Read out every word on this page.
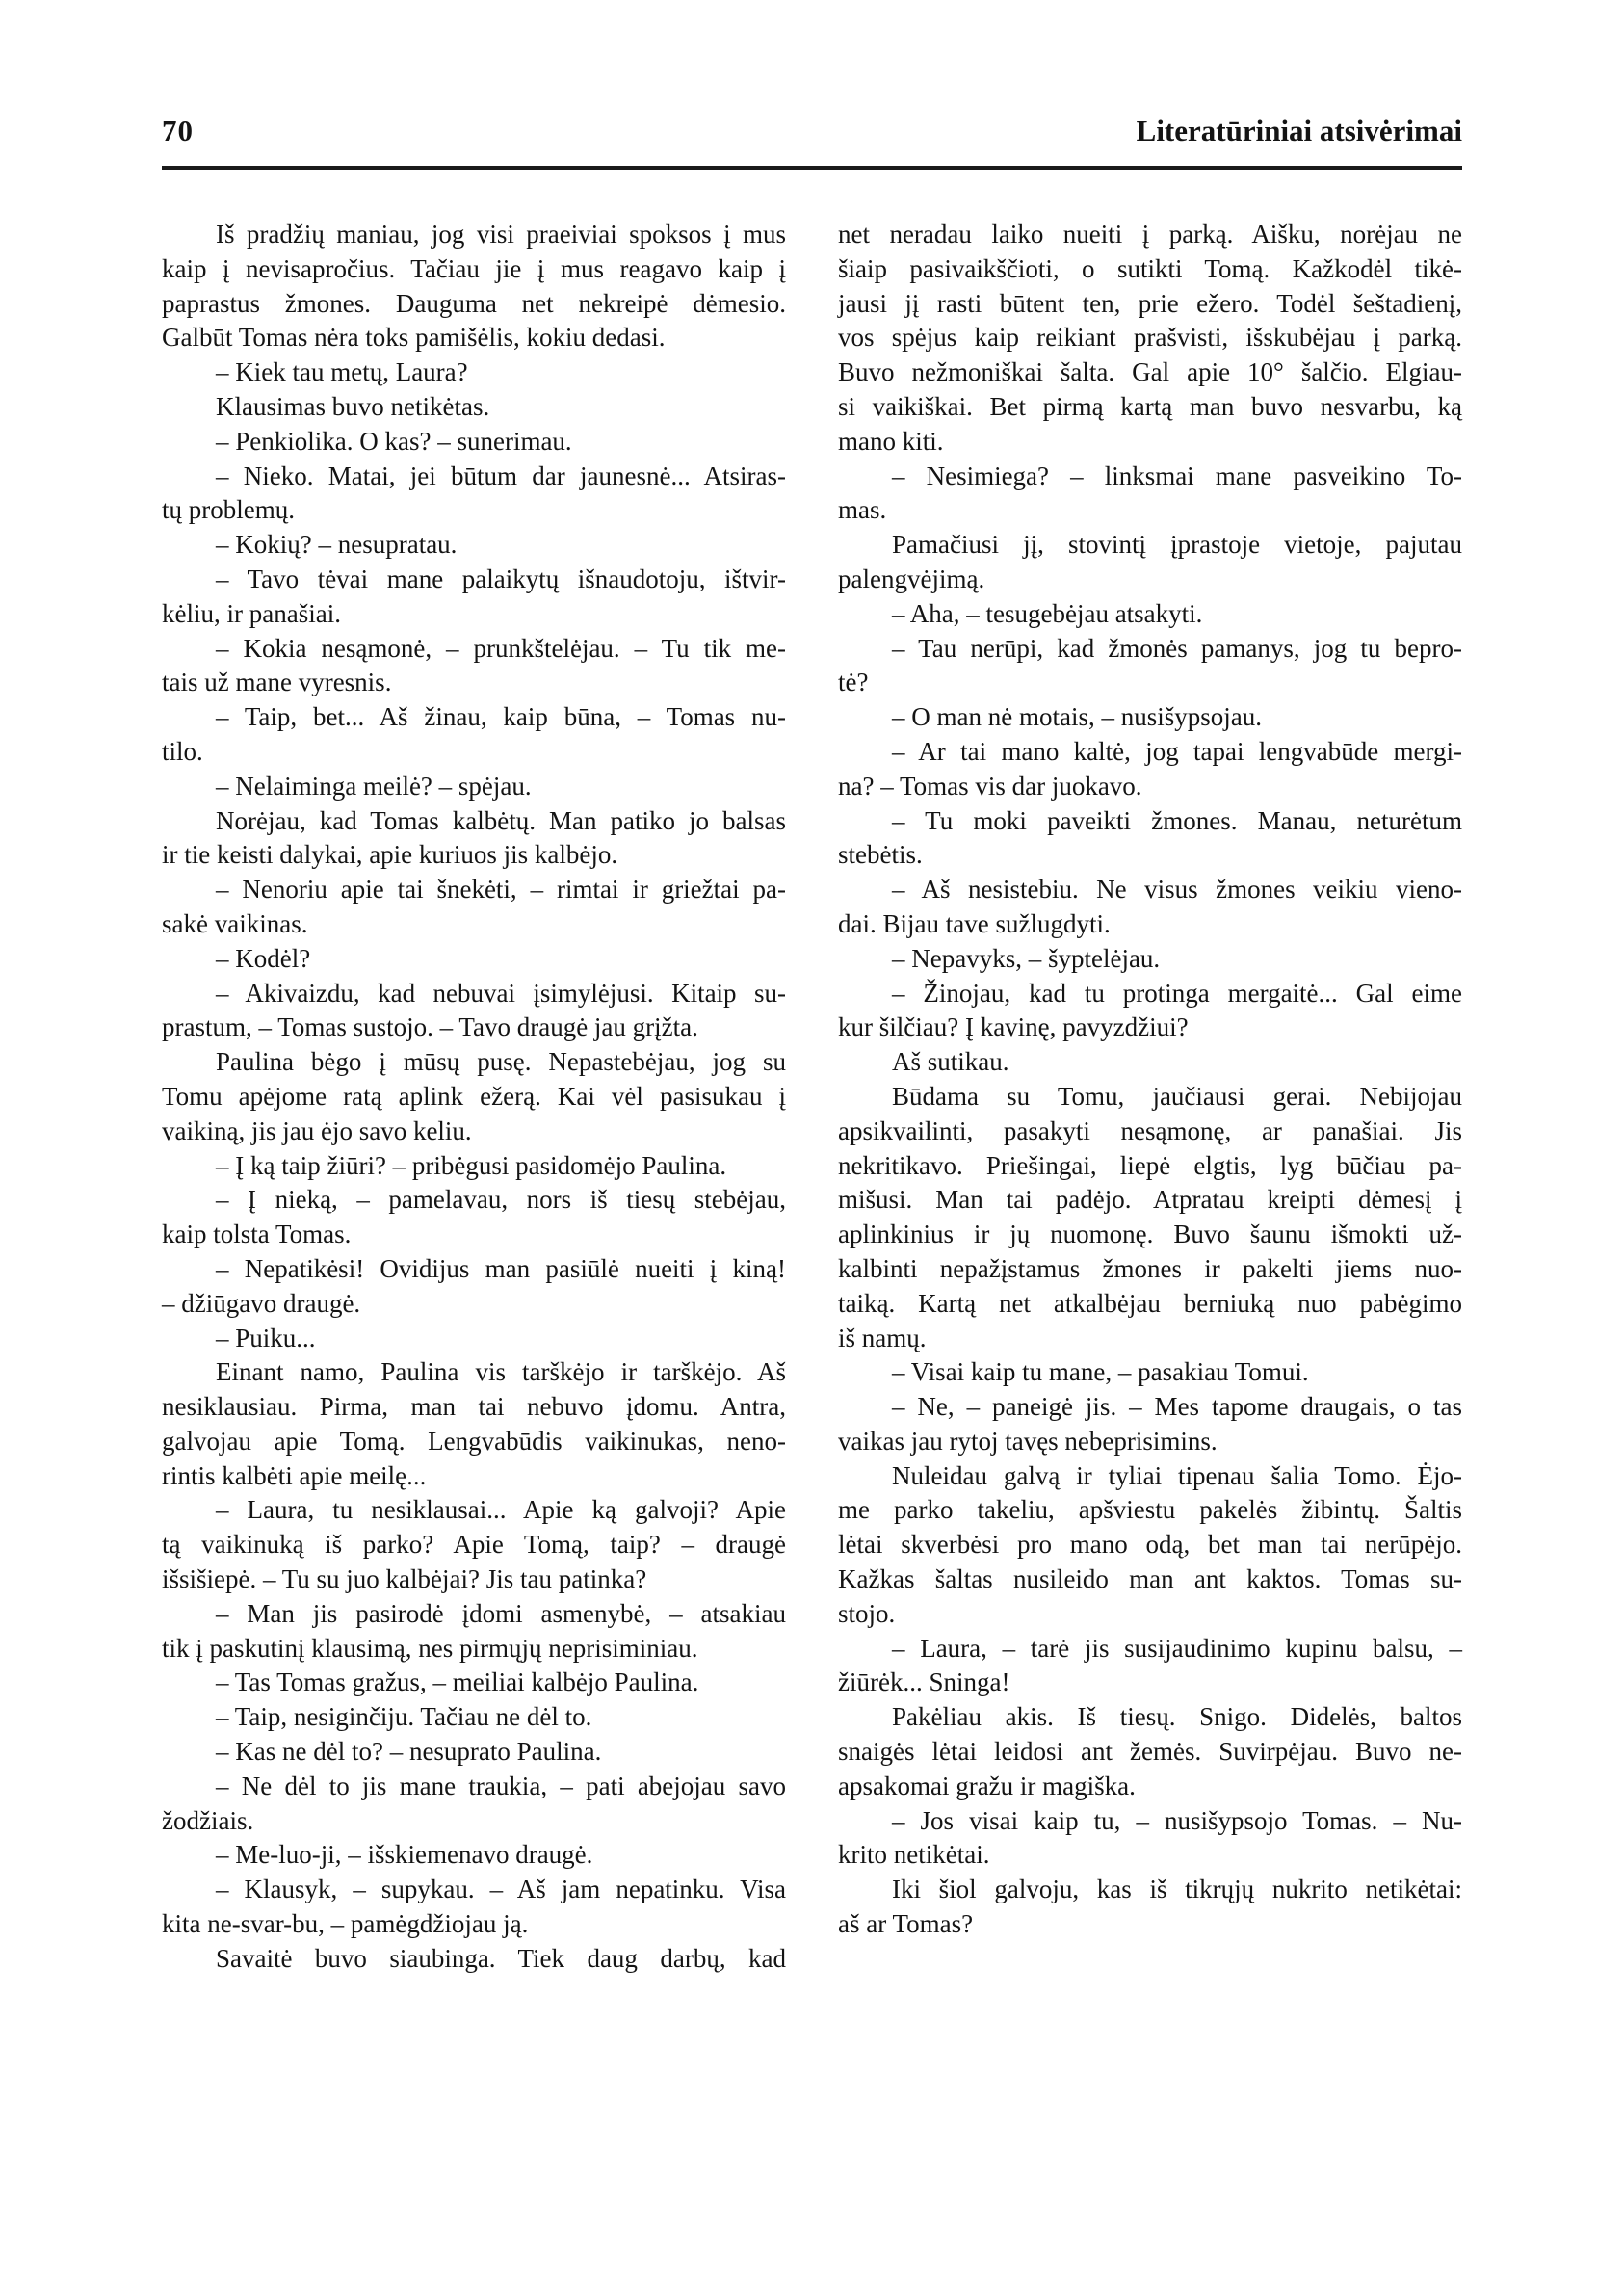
70	Literatūriniai atsivėrimai
Iš pradžių maniau, jog visi praeiviai spoksos į mus
kaip į nevisapročius. Tačiau jie į mus reagavo kaip į
paprastus žmones. Dauguma net nekreipė dėmesio.
Galbūt Tomas nėra toks pamišėlis, kokiu dedasi.
– Kiek tau metų, Laura?
Klausimas buvo netikėtas.
– Penkiolika. O kas? – sunerimau.
– Nieko. Matai, jei būtum dar jaunesnė... Atsiras-
tų problemų.
– Kokių? – nesupratau.
– Tavo tėvai mane palaikytų išnaudotoju, ištvir-
kėliu, ir panašiai.
– Kokia nesąmonė, – prunkštelėjau. – Tu tik me-
tais už mane vyresnis.
– Taip, bet... Aš žinau, kaip būna, – Tomas nu-
tilo.
– Nelaiminga meilė? – spėjau.
Norėjau, kad Tomas kalbėtų. Man patiko jo balsas
ir tie keisti dalykai, apie kuriuos jis kalbėjo.
– Nenoriu apie tai šnekėti, – rimtai ir griežtai pa-
sakė vaikinas.
– Kodėl?
– Akivaizdu, kad nebuvai įsimylėjusi. Kitaip su-
prastum, – Tomas sustojo. – Tavo draugė jau grįžta.
Paulina bėgo į mūsų pusę. Nepastebėjau, jog su
Tomu apėjome ratą aplink ežerą. Kai vėl pasisukau į
vaikiną, jis jau ėjo savo keliu.
– Į ką taip žiūri? – pribėgusi pasidomėjo Paulina.
– Į nieką, – pamelavau, nors iš tiesų stebėjau,
kaip tolsta Tomas.
– Nepatikėsi! Ovidijus man pasiūlė nueiti į kiną!
– džiūgavo draugė.
– Puiku...
Einant namo, Paulina vis tarškėjo ir tarškėjo. Aš
nesiklausiau. Pirma, man tai nebuvo įdomu. Antra,
galvojau apie Tomą. Lengvabūdis vaikinukas, neno-
rintis kalbėti apie meilę...
– Laura, tu nesiklausai... Apie ką galvoji? Apie
tą vaikinuką iš parko? Apie Tomą, taip? – draugė
išsišiepė. – Tu su juo kalbėjai? Jis tau patinka?
– Man jis pasirodė įdomi asmenybė, – atsakiau
tik į paskutinį klausimą, nes pirmųjų neprisiminiau.
– Tas Tomas gražus, – meiliai kalbėjo Paulina.
– Taip, nesiginčiju. Tačiau ne dėl to.
– Kas ne dėl to? – nesuprato Paulina.
– Ne dėl to jis mane traukia, – pati abejojau savo
žodžiais.
– Me-luo-ji, – išskiemenavo draugė.
– Klausyk, – supykau. – Aš jam nepatinku. Visa
kita ne-svar-bu, – pamėgdžiojau ją.
Savaitė buvo siaubinga. Tiek daug darbų, kad
net neradau laiko nueiti į parką. Aišku, norėjau ne
šiaip pasivaikščioti, o sutikti Tomą. Kažkodėl tikė-
jausi jį rasti būtent ten, prie ežero. Todėl šeštadienį,
vos spėjus kaip reikiant prašvisti, išskubėjau į parką.
Buvo nežmoniškai šalta. Gal apie 10° šalčio. Elgiau-
si vaikiškai. Bet pirmą kartą man buvo nesvarbu, ką
mano kiti.
– Nesimiega? – linksmai mane pasveikino To-
mas.
Pamačiusi jį, stovintį įprastoje vietoje, pajutau
palengvėjimą.
– Aha, – tesugebėjau atsakyti.
– Tau nerūpi, kad žmonės pamanys, jog tu bepro-
tė?
– O man nė motais, – nusišypsojau.
– Ar tai mano kaltė, jog tapai lengvabūde mergi-
na? – Tomas vis dar juokavo.
– Tu moki paveikti žmones. Manau, neturėtum
stebėtis.
– Aš nesistebiu. Ne visus žmones veikiu vieno-
dai. Bijau tave sužlugdyti.
– Nepavyks, – šyptelėjau.
– Žinojau, kad tu protinga mergaitė... Gal eime
kur šilčiau? Į kavinę, pavyzdžiui?
Aš sutikau.
Būdama su Tomu, jaučiausi gerai. Nebijojau
apsikvailinti, pasakyti nesąmonę, ar panašiai. Jis
nekritikavo. Priešingai, liepė elgtis, lyg būčiau pa-
mišusi. Man tai padėjo. Atpratau kreipti dėmesį į
aplinkinius ir jų nuomonę. Buvo šaunu išmokti už-
kalbinti nepažįstamus žmones ir pakelti jiems nuo-
taiką. Kartą net atkalbėjau berniuką nuo pabėgimo
iš namų.
– Visai kaip tu mane, – pasakiau Tomui.
– Ne, – paneigė jis. – Mes tapome draugais, o tas
vaikas jau rytoj tavęs nebeprisimins.
Nuleidau galvą ir tyliai tipenau šalia Tomo. Ėjo-
me parko takeliu, apšviestu pakelės žibintų. Šaltis
lėtai skverbėsi pro mano odą, bet man tai nerūpėjo.
Kažkas šaltas nusileido man ant kaktos. Tomas su-
stojo.
– Laura, – tarė jis susijaudinimo kupinu balsu, –
žiūrėk... Sninga!
Pakėliau akis. Iš tiesų. Snigo. Didelės, baltos
snaigės lėtai leidosi ant žemės. Suvirpėjau. Buvo ne-
apsakomai gražu ir magiška.
– Jos visai kaip tu, – nusišypsojo Tomas. – Nu-
krito netikėtai.
Iki šiol galvoju, kas iš tikrųjų nukrito netikėtai:
aš ar Tomas?
